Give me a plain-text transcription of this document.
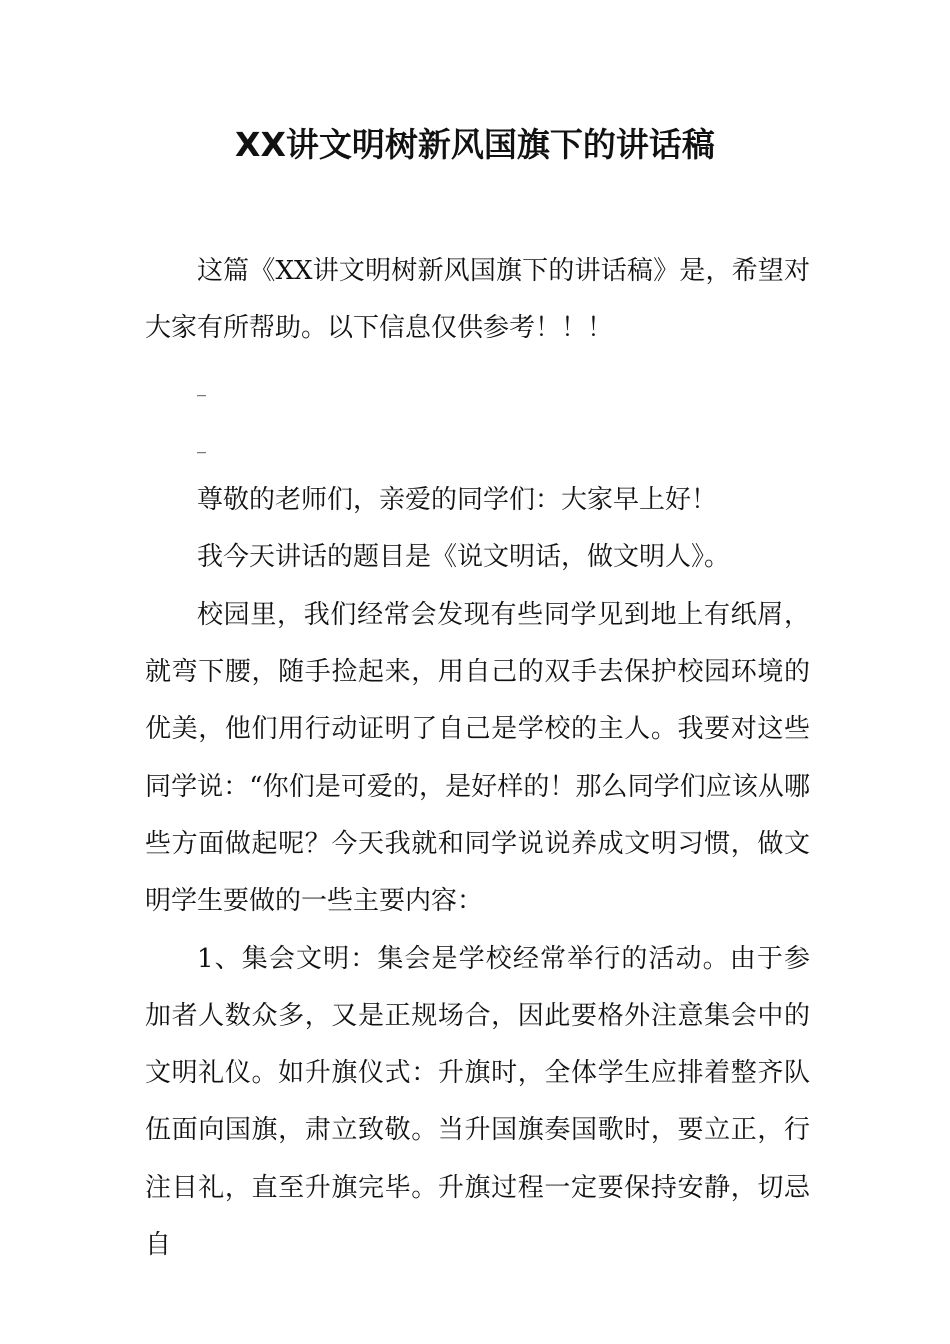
XX讲文明树新风国旗下的讲话稿

这篇《XX讲文明树新风国旗下的讲话稿》是，希望对大家有所帮助。以下信息仅供参考！！！

_

_

尊敬的老师们，亲爱的同学们：大家早上好！

我今天讲话的题目是《说文明话，做文明人》。

校园里，我们经常会发现有些同学见到地上有纸屑，就弯下腰，随手捡起来，用自己的双手去保护校园环境的优美，他们用行动证明了自己是学校的主人。我要对这些同学说：“你们是可爱的，是好样的！那么同学们应该从哪些方面做起呢？今天我就和同学说说养成文明习惯，做文明学生要做的一些主要内容：

1、集会文明：集会是学校经常举行的活动。由于参加者人数众多，又是正规场合，因此要格外注意集会中的文明礼仪。如升旗仪式：升旗时，全体学生应排着整齐队伍面向国旗，肃立致敬。当升国旗奏国歌时，要立正，行注目礼，直至升旗完毕。升旗过程一定要保持安静，切忌自
